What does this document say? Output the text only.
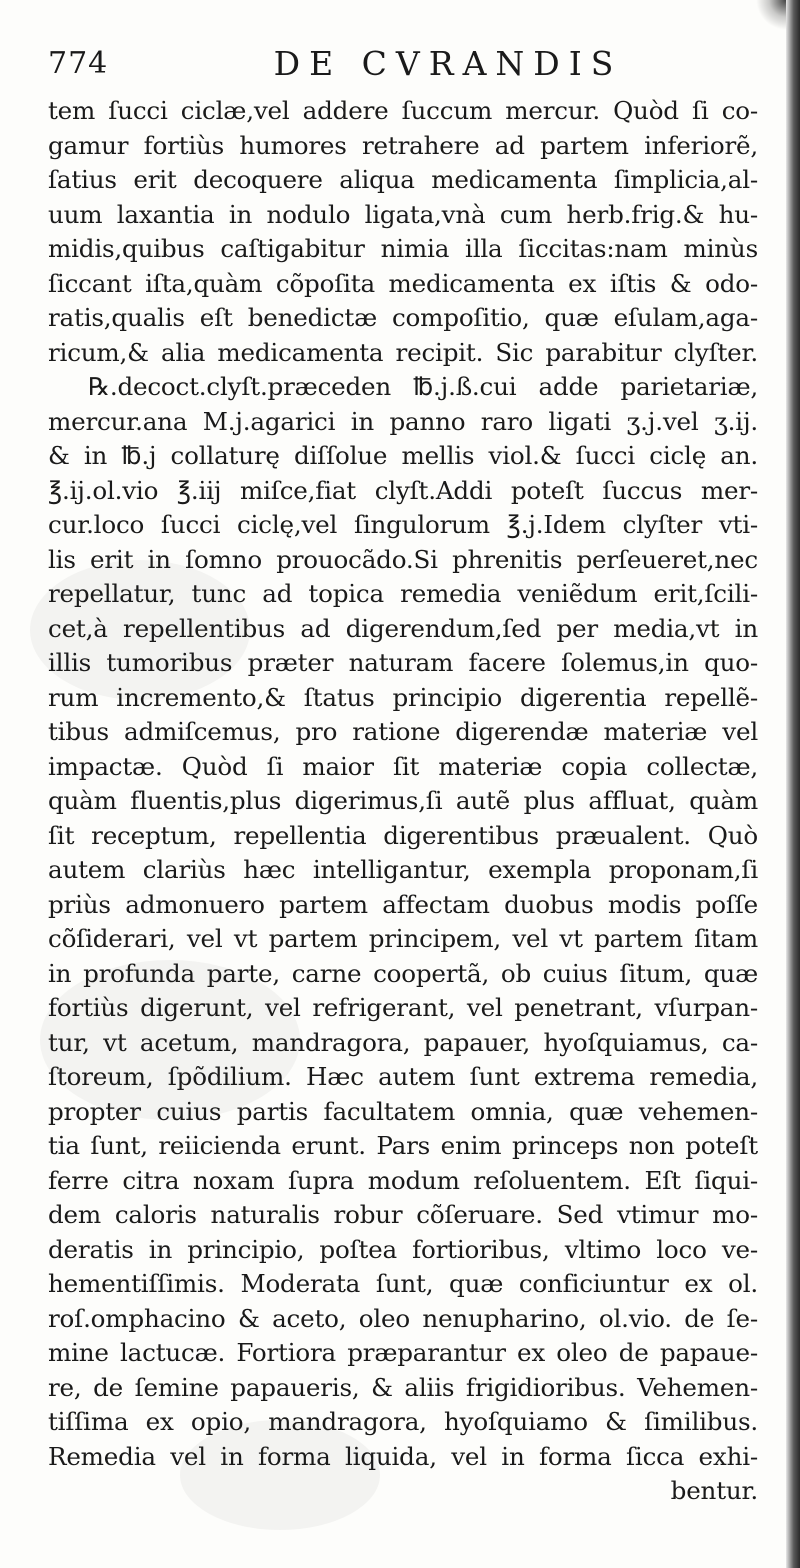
774	DE CVRANDIS
tem ſucci ciclæ,vel addere ſuccum mercur. Quòd ſi co-
gamur fortiùs humores retrahere ad partem inferiorẽ,
ſatius erit decoquere aliqua medicamenta ſimplicia,al-
uum laxantia in nodulo ligata,vnà cum herb.frig.& hu-
midis,quibus caſtigabitur nimia illa ſiccitas:nam minùs
ſiccant iſta,quàm cõpoſita medicamenta ex iſtis & odo-
ratis,qualis eſt benedictæ compoſitio, quæ eſulam,aga-
ricum,& alia medicamenta recipit. Sic parabitur clyſter.
℞.decoct.clyſt.præceden ℔.j.ß.cui adde parietariæ,
mercur.ana M.j.agarici in panno raro ligati ʒ.j.vel ʒ.ij.
& in ℔.j collaturę diſſolue mellis viol.& ſucci ciclę an.
℥.ij.ol.vio ℥.iij miſce,fiat clyſt.Addi poteſt ſuccus mer-
cur.loco ſucci ciclę,vel ſingulorum ℥.j.Idem clyſter vti-
lis erit in ſomno prouocãdo.Si phrenitis perſeueret,nec
repellatur, tunc ad topica remedia veniẽdum erit,ſcili-
cet,à repellentibus ad digerendum,ſed per media,vt in
illis tumoribus præter naturam facere ſolemus,in quo-
rum incremento,& ſtatus principio digerentia repellẽ-
tibus admiſcemus, pro ratione digerendæ materiæ vel
impactæ. Quòd ſi maior ſit materiæ copia collectæ,
quàm fluentis,plus digerimus,ſi autẽ plus affluat, quàm
ſit receptum, repellentia digerentibus præualent. Quò
autem clariùs hæc intelligantur, exempla proponam,ſi
priùs admonuero partem affectam duobus modis poſſe
cõſiderari, vel vt partem principem, vel vt partem ſitam
in profunda parte, carne coopertã, ob cuius ſitum, quæ
fortiùs digerunt, vel refrigerant, vel penetrant, vſurpan-
tur, vt acetum, mandragora, papauer, hyoſquiamus, ca-
ſtoreum, ſpõdilium. Hæc autem ſunt extrema remedia,
propter cuius partis facultatem omnia, quæ vehemen-
tia ſunt, reiicienda erunt. Pars enim princeps non poteſt
ferre citra noxam ſupra modum reſoluentem. Eſt ſiqui-
dem caloris naturalis robur cõſeruare. Sed vtimur mo-
deratis in principio, poſtea fortioribus, vltimo loco ve-
hementiſſimis. Moderata ſunt, quæ conficiuntur ex ol.
roſ.omphacino & aceto, oleo nenupharino, ol.vio. de ſe-
mine lactucæ. Fortiora præparantur ex oleo de papaue-
re, de ſemine papaueris, & aliis frigidioribus. Vehemen-
tiſſima ex opio, mandragora, hyoſquiamo & ſimilibus.
Remedia vel in forma liquida, vel in forma ſicca exhi-
bentur.
